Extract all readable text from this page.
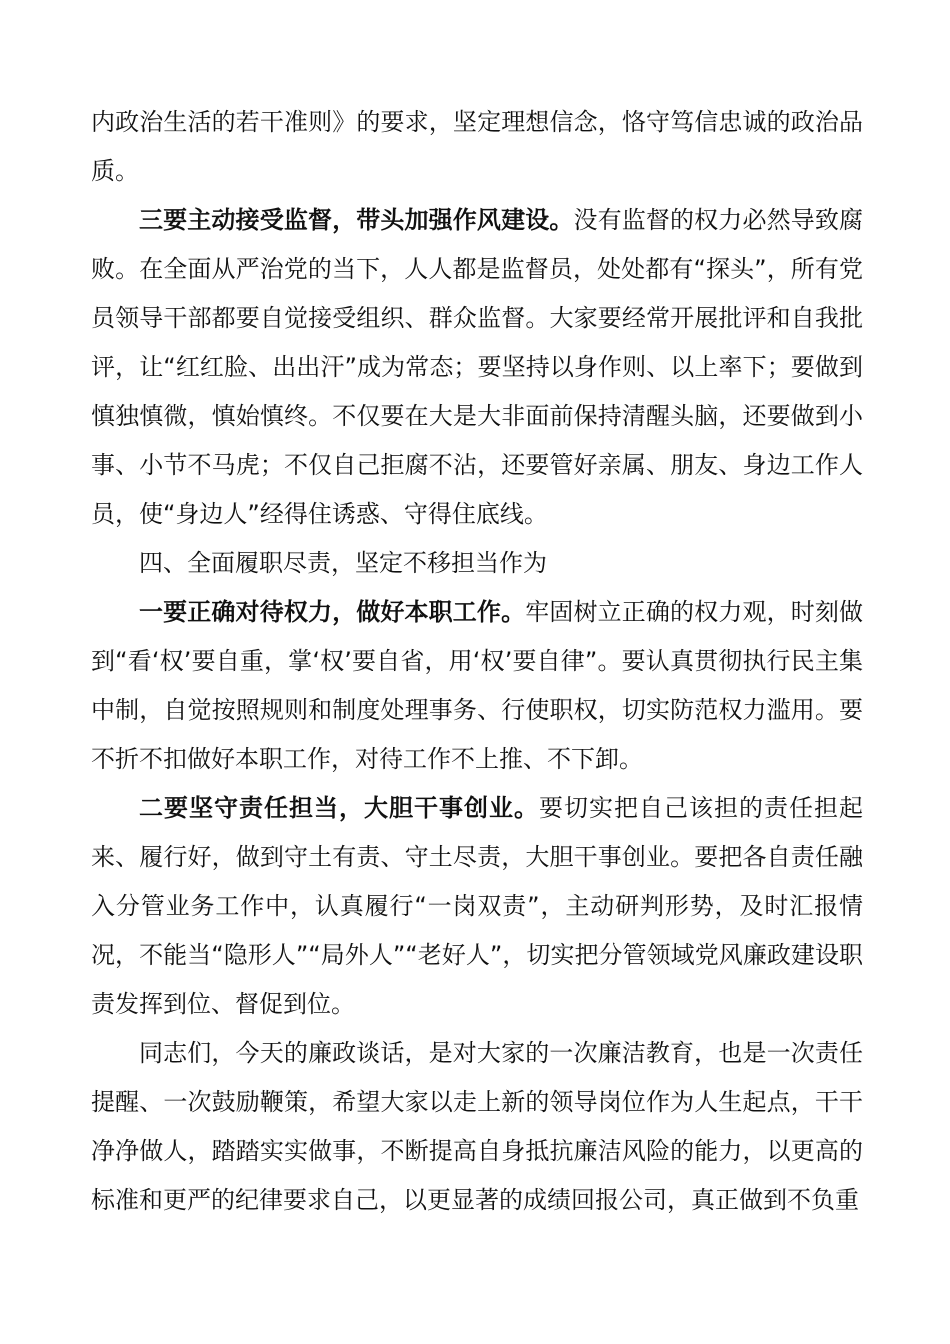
内政治生活的若干准则》的要求，坚定理想信念，恪守笃信忠诚的政治品质。

三要主动接受监督，带头加强作风建设。没有监督的权力必然导致腐败。在全面从严治党的当下，人人都是监督员，处处都有“探头”，所有党员领导干部都要自觉接受组织、群众监督。大家要经常开展批评和自我批评，让“红红脸、出出汗”成为常态；要坚持以身作则、以上率下；要做到慎独慎微，慎始慎终。不仅要在大是大非面前保持清醒头脑，还要做到小事、小节不马虎；不仅自己拒腐不沾，还要管好亲属、朋友、身边工作人员，使“身边人”经得住诱惑、守得住底线。

四、全面履职尽责，坚定不移担当作为

一要正确对待权力，做好本职工作。牢固树立正确的权力观，时刻做到“看‘权’要自重，掌‘权’要自省，用‘权’要自律”。要认真贯彻执行民主集中制，自觉按照规则和制度处理事务、行使职权，切实防范权力滥用。要不折不扣做好本职工作，对待工作不上推、不下卸。

二要坚守责任担当，大胆干事创业。要切实把自己该担的责任担起来、履行好，做到守土有责、守土尽责，大胆干事创业。要把各自责任融入分管业务工作中，认真履行“一岗双责”，主动研判形势，及时汇报情况，不能当“隐形人”“局外人”“老好人”，切实把分管领域党风廉政建设职责发挥到位、督促到位。

同志们，今天的廉政谈话，是对大家的一次廉洁教育，也是一次责任提醒、一次鼓励鞭策，希望大家以走上新的领导岗位作为人生起点，干干净净做人，踏踏实实做事，不断提高自身抵抗廉洁风险的能力，以更高的标准和更严的纪律要求自己，以更显著的成绩回报公司，真正做到不负重
